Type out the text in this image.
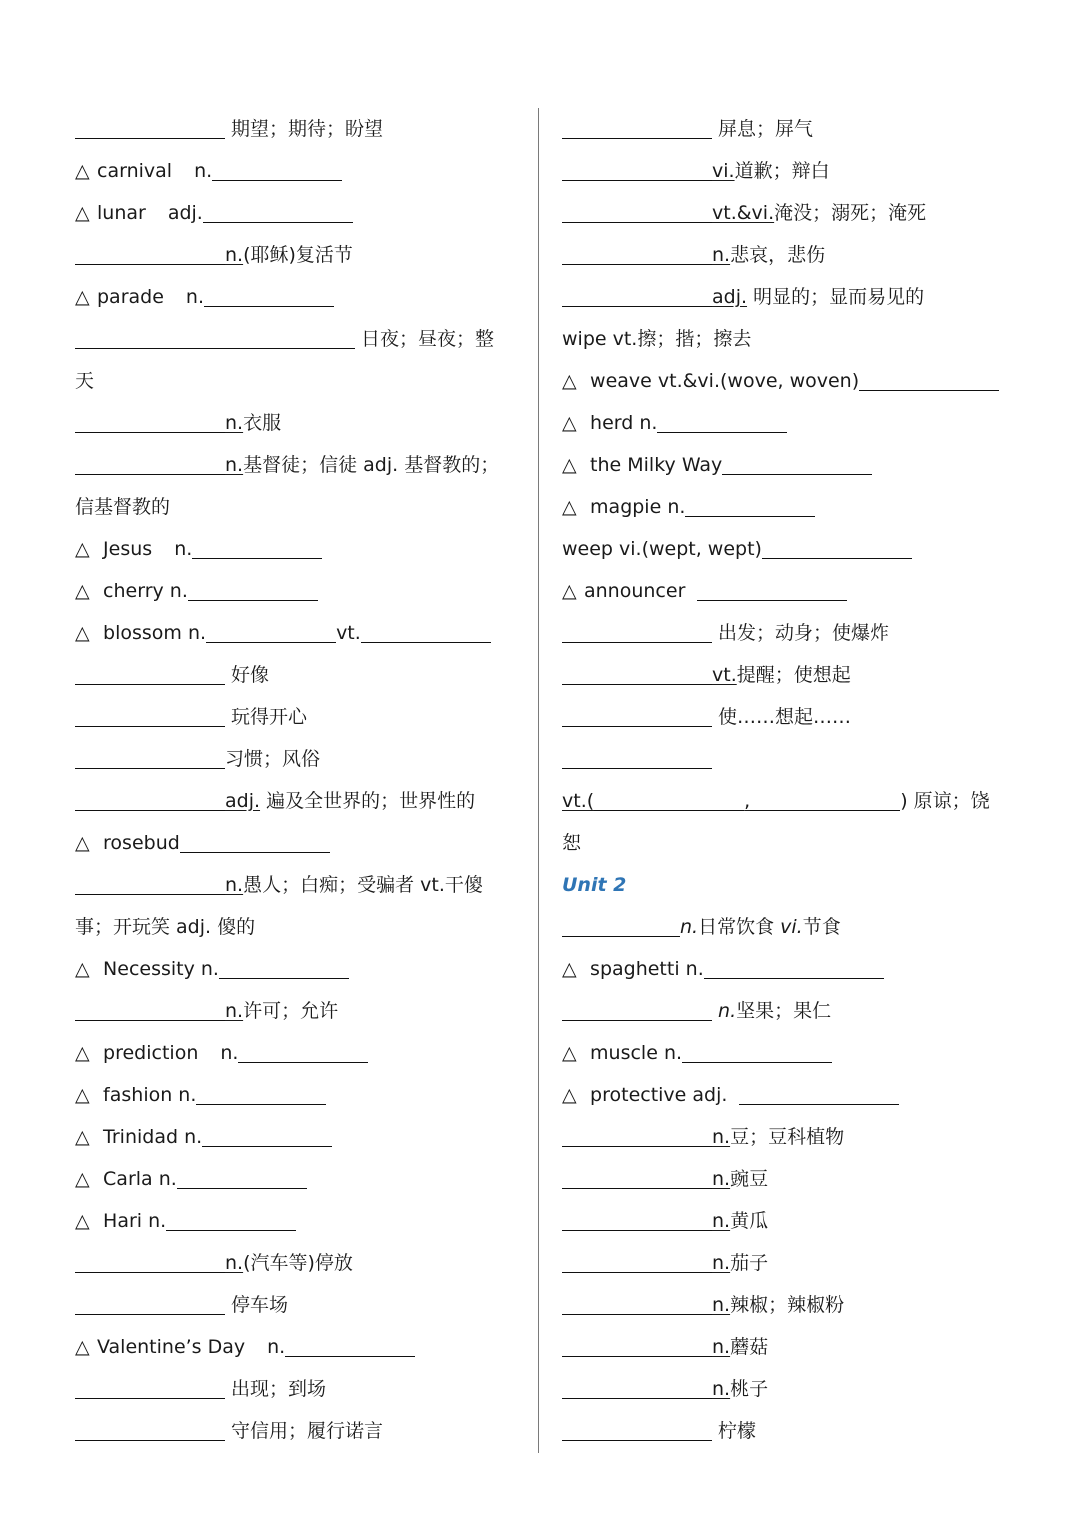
期望；期待；盼望
△ carnival n.
△ lunar adj.
n.(耶稣)复活节
△ parade n.
日夜；昼夜；整
天
n.衣服
n.基督徒；信徒 adj. 基督教的；
信基督教的
△ Jesus n.
△ cherry n.
△ blossom n.	vt.
好像
玩得开心
习惯；风俗
adj. 遍及全世界的；世界性的
△ rosebud
n.愚人；白痴；受骗者 vt.干傻
事；开玩笑 adj. 傻的
△ Necessity n.
n.许可；允许
△ prediction n.
△ fashion n.
△ Trinidad n.
△ Carla n.
△ Hari n.
n.(汽车等)停放
停车场
△ Valentine’s Day n.
出现；到场
守信用；履行诺言
屏息；屏气
vi.道歉；辩白
vt.&vi.淹没；溺死；淹死
n.悲哀，悲伤
adj. 明显的；显而易见的
wipe vt.擦；揩；擦去
△ weave vt.&vi.(wove, woven)
△ herd n.
△ the Milky Way
△ magpie n.
weep vi.(wept, wept)
△ announcer
出发；动身；使爆炸
vt.提醒；使想起
使……想起……
vt.(	,	) 原谅；饶
恕
Unit 2
n.日常饮食 vi.节食
△ spaghetti n.
n.坚果；果仁
△ muscle n.
△ protective adj.
n.豆；豆科植物
n.豌豆
n.黄瓜
n.茄子
n.辣椒；辣椒粉
n.蘑菇
n.桃子
柠檬
